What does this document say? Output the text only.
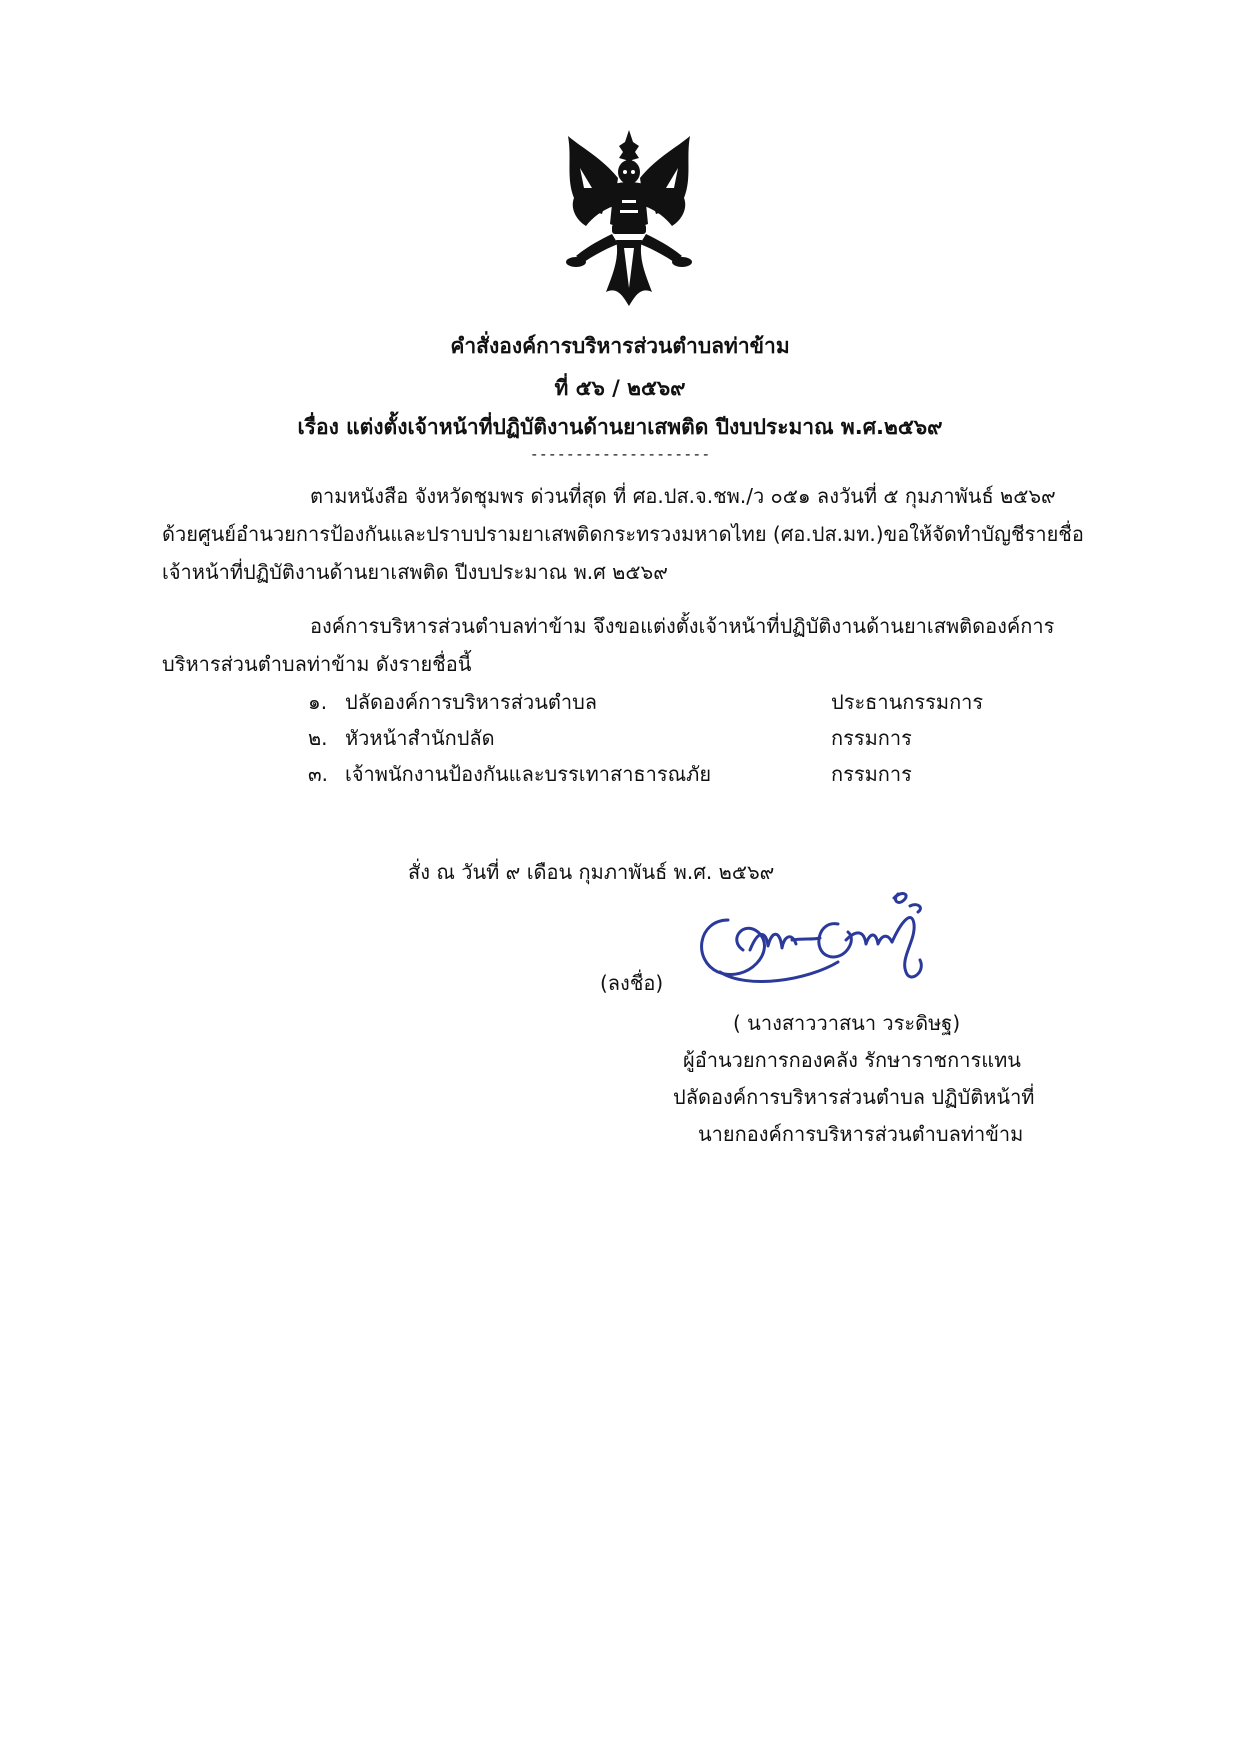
คำสั่งองค์การบริหารส่วนตำบลท่าข้าม
ที่ ๕๖ / ๒๕๖๙
เรื่อง แต่งตั้งเจ้าหน้าที่ปฏิบัติงานด้านยาเสพติด ปีงบประมาณ พ.ศ.๒๕๖๙
--------------------
ตามหนังสือ จังหวัดชุมพร ด่วนที่สุด ที่ ศอ.ปส.จ.ชพ./ว ๐๕๑ ลงวันที่ ๕ กุมภาพันธ์ ๒๕๖๙
ด้วยศูนย์อำนวยการป้องกันและปราบปรามยาเสพติดกระทรวงมหาดไทย (ศอ.ปส.มท.)ขอให้จัดทำบัญชีรายชื่อ
เจ้าหน้าที่ปฏิบัติงานด้านยาเสพติด ปีงบประมาณ พ.ศ ๒๕๖๙
องค์การบริหารส่วนตำบลท่าข้าม จึงขอแต่งตั้งเจ้าหน้าที่ปฏิบัติงานด้านยาเสพติดองค์การ
บริหารส่วนตำบลท่าข้าม ดังรายชื่อนี้
๑. ปลัดองค์การบริหารส่วนตำบล	ประธานกรรมการ
๒. หัวหน้าสำนักปลัด	กรรมการ
๓. เจ้าพนักงานป้องกันและบรรเทาสาธารณภัย	กรรมการ
สั่ง ณ วันที่ ๙ เดือน กุมภาพันธ์ พ.ศ. ๒๕๖๙
(ลงชื่อ)
( นางสาววาสนา วระดิษฐ)
ผู้อำนวยการกองคลัง รักษาราชการแทน
ปลัดองค์การบริหารส่วนตำบล ปฏิบัติหน้าที่
นายกองค์การบริหารส่วนตำบลท่าข้าม
